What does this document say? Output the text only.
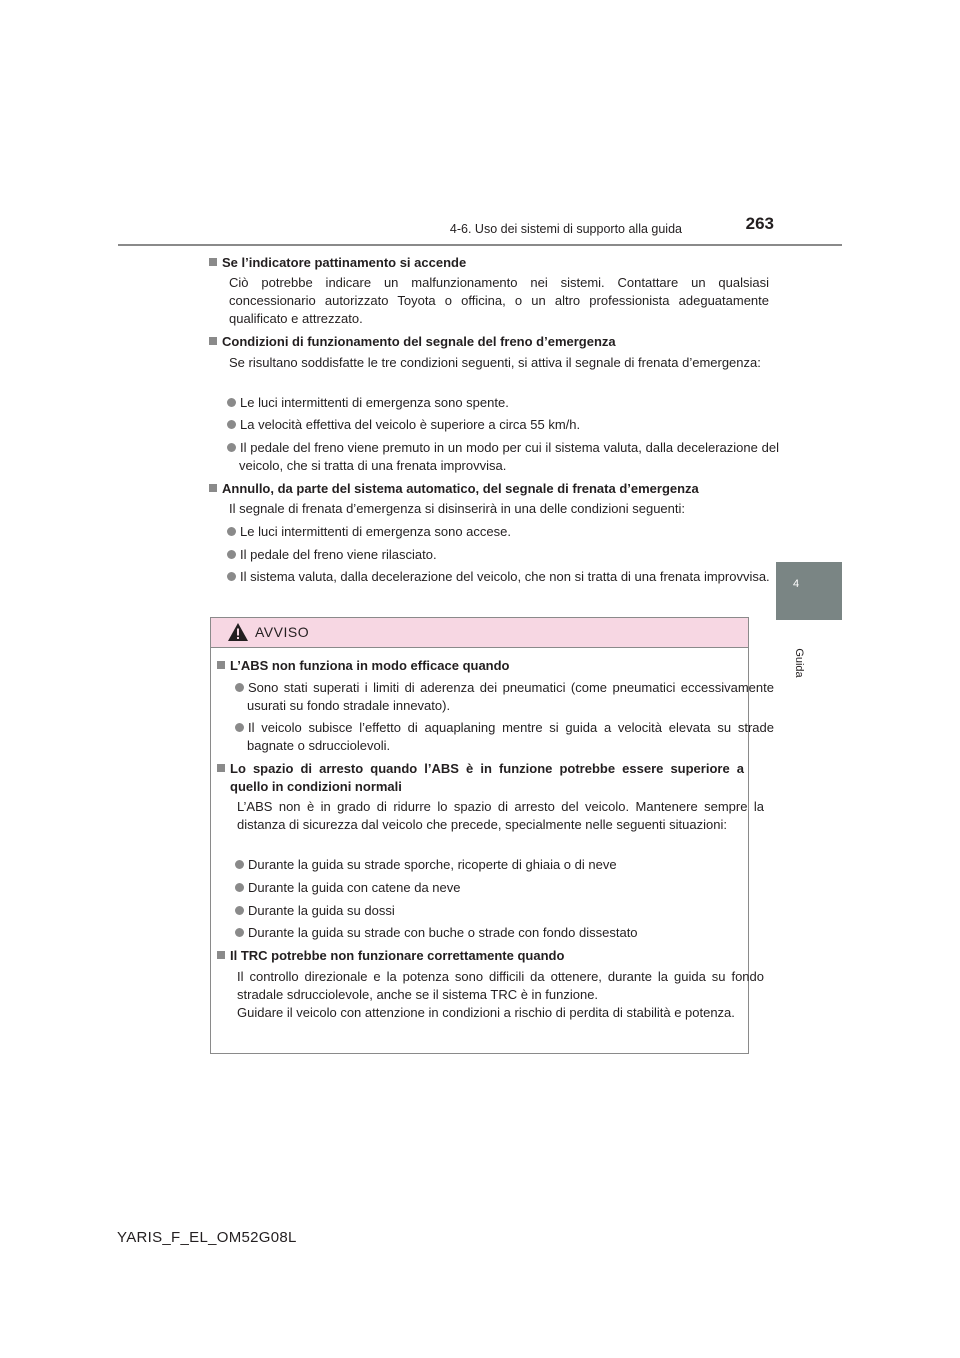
4-6. Uso dei sistemi di supporto alla guida	263
4
Guida
Se l’indicatore pattinamento si accende
Ciò potrebbe indicare un malfunzionamento nei sistemi. Contattare un qualsiasi concessionario autorizzato Toyota o officina, o un altro professionista adeguatamente qualificato e attrezzato.
Condizioni di funzionamento del segnale del freno d’emergenza
Se risultano soddisfatte le tre condizioni seguenti, si attiva il segnale di frenata d’emergenza:
Le luci intermittenti di emergenza sono spente.
La velocità effettiva del veicolo è superiore a circa 55 km/h.
Il pedale del freno viene premuto in un modo per cui il sistema valuta, dalla decelerazione del veicolo, che si tratta di una frenata improvvisa.
Annullo, da parte del sistema automatico, del segnale di frenata d’emergenza
Il segnale di frenata d’emergenza si disinserirà in una delle condizioni seguenti:
Le luci intermittenti di emergenza sono accese.
Il pedale del freno viene rilasciato.
Il sistema valuta, dalla decelerazione del veicolo, che non si tratta di una frenata improvvisa.
AVVISO
L’ABS non funziona in modo efficace quando
Sono stati superati i limiti di aderenza dei pneumatici (come pneumatici eccessivamente usurati su fondo stradale innevato).
Il veicolo subisce l’effetto di aquaplaning mentre si guida a velocità elevata su strade bagnate o sdrucciolevoli.
Lo spazio di arresto quando l’ABS è in funzione potrebbe essere superiore a quello in condizioni normali
L’ABS non è in grado di ridurre lo spazio di arresto del veicolo. Mantenere sempre la distanza di sicurezza dal veicolo che precede, specialmente nelle seguenti situazioni:
Durante la guida su strade sporche, ricoperte di ghiaia o di neve
Durante la guida con catene da neve
Durante la guida su dossi
Durante la guida su strade con buche o strade con fondo dissestato
Il TRC potrebbe non funzionare correttamente quando
Il controllo direzionale e la potenza sono difficili da ottenere, durante la guida su fondo stradale sdrucciolevole, anche se il sistema TRC è in funzione.
Guidare il veicolo con attenzione in condizioni a rischio di perdita di stabilità e potenza.
YARIS_F_EL_OM52G08L
